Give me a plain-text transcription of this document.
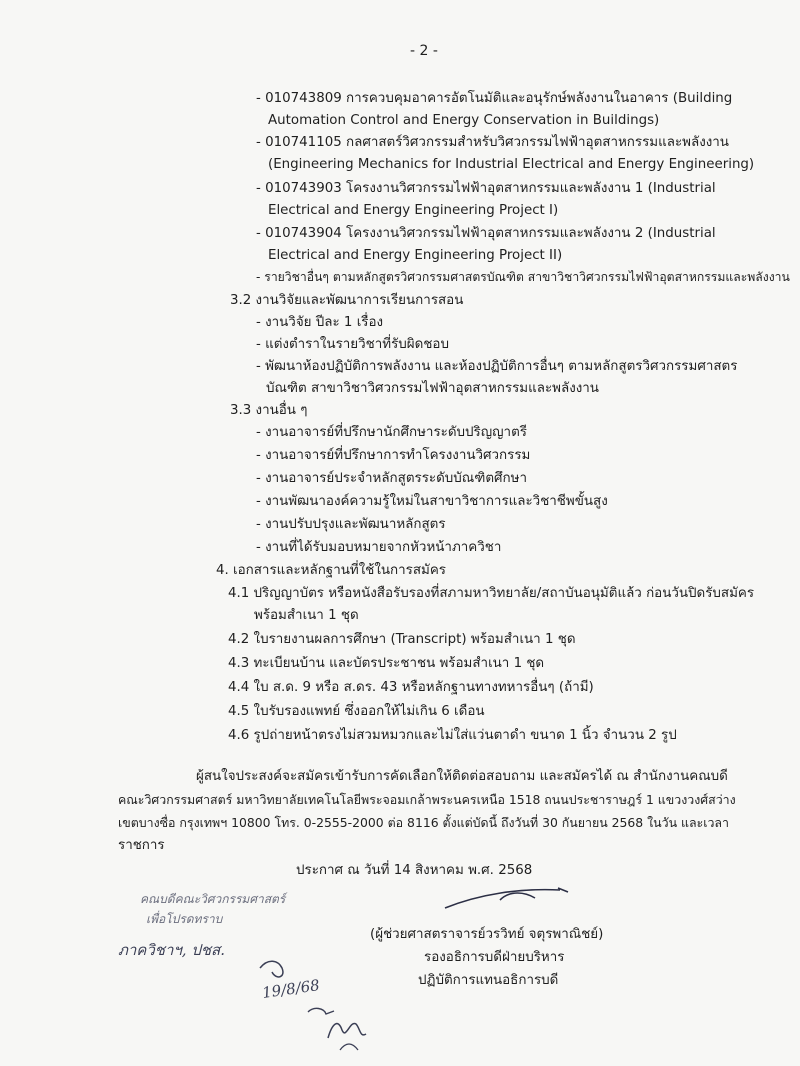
- 2 -
- 010743809 การควบคุมอาคารอัตโนมัติและอนุรักษ์พลังงานในอาคาร (Building
Automation Control and Energy Conservation in Buildings)
- 010741105 กลศาสตร์วิศวกรรมสำหรับวิศวกรรมไฟฟ้าอุตสาหกรรมและพลังงาน
(Engineering Mechanics for Industrial Electrical and Energy Engineering)
- 010743903 โครงงานวิศวกรรมไฟฟ้าอุตสาหกรรมและพลังงาน 1 (Industrial
Electrical and Energy Engineering Project I)
- 010743904 โครงงานวิศวกรรมไฟฟ้าอุตสาหกรรมและพลังงาน 2 (Industrial
Electrical and Energy Engineering Project II)
- รายวิชาอื่นๆ ตามหลักสูตรวิศวกรรมศาสตรบัณฑิต สาขาวิชาวิศวกรรมไฟฟ้าอุตสาหกรรมและพลังงาน
3.2 งานวิจัยและพัฒนาการเรียนการสอน
- งานวิจัย ปีละ 1 เรื่อง
- แต่งตำราในรายวิชาที่รับผิดชอบ
- พัฒนาห้องปฏิบัติการพลังงาน และห้องปฏิบัติการอื่นๆ ตามหลักสูตรวิศวกรรมศาสตร
บัณฑิต สาขาวิชาวิศวกรรมไฟฟ้าอุตสาหกรรมและพลังงาน
3.3 งานอื่น ๆ
- งานอาจารย์ที่ปรึกษานักศึกษาระดับปริญญาตรี
- งานอาจารย์ที่ปรึกษาการทำโครงงานวิศวกรรม
- งานอาจารย์ประจำหลักสูตรระดับบัณฑิตศึกษา
- งานพัฒนาองค์ความรู้ใหม่ในสาขาวิชาการและวิชาชีพขั้นสูง
- งานปรับปรุงและพัฒนาหลักสูตร
- งานที่ได้รับมอบหมายจากหัวหน้าภาควิชา
4. เอกสารและหลักฐานที่ใช้ในการสมัคร
4.1 ปริญญาบัตร หรือหนังสือรับรองที่สภามหาวิทยาลัย/สถาบันอนุมัติแล้ว ก่อนวันปิดรับสมัคร
พร้อมสำเนา 1 ชุด
4.2 ใบรายงานผลการศึกษา (Transcript) พร้อมสำเนา 1 ชุด
4.3 ทะเบียนบ้าน และบัตรประชาชน พร้อมสำเนา 1 ชุด
4.4 ใบ ส.ด. 9 หรือ ส.ดร. 43 หรือหลักฐานทางทหารอื่นๆ (ถ้ามี)
4.5 ใบรับรองแพทย์ ซึ่งออกให้ไม่เกิน 6 เดือน
4.6 รูปถ่ายหน้าตรงไม่สวมหมวกและไม่ใส่แว่นตาดำ ขนาด 1 นิ้ว จำนวน 2 รูป
ผู้สนใจประสงค์จะสมัครเข้ารับการคัดเลือกให้ติดต่อสอบถาม และสมัครได้ ณ สำนักงานคณบดี
คณะวิศวกรรมศาสตร์ มหาวิทยาลัยเทคโนโลยีพระจอมเกล้าพระนครเหนือ 1518 ถนนประชาราษฎร์ 1 แขวงวงศ์สว่าง
เขตบางซื่อ กรุงเทพฯ 10800 โทร. 0-2555-2000 ต่อ 8116 ตั้งแต่บัดนี้ ถึงวันที่ 30 กันยายน 2568 ในวัน และเวลา
ราชการ
ประกาศ ณ วันที่ 14 สิงหาคม พ.ศ. 2568
(ผู้ช่วยศาสตราจารย์วรวิทย์ จตุรพาณิชย์)
รองอธิการบดีฝ่ายบริหาร
ปฏิบัติการแทนอธิการบดี
คณบดีคณะวิศวกรรมศาสตร์
เพื่อโปรดทราบ
ภาควิชาฯ, ปชส.
19/8/68
